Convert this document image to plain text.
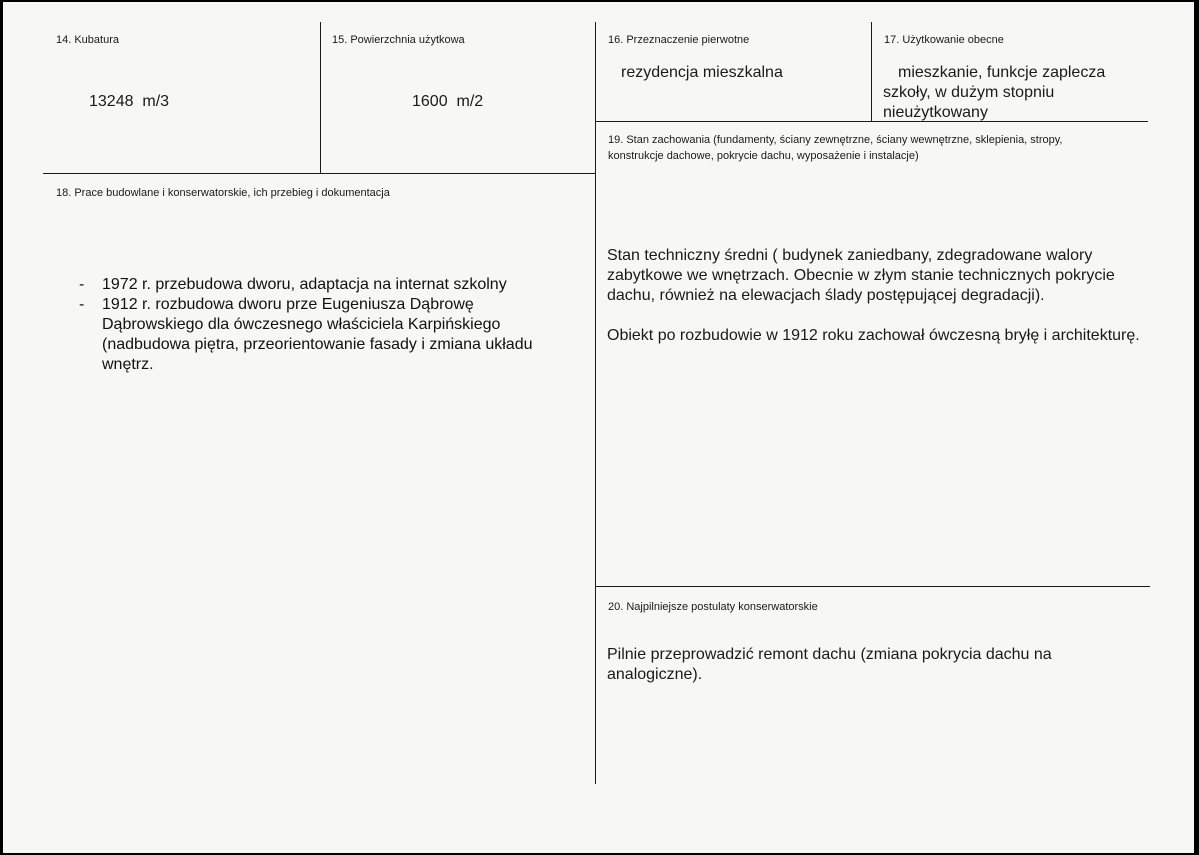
14. Kubatura
13248  m/3
15. Powierzchnia użytkowa
1600  m/2
16. Przeznaczenie pierwotne
rezydencja mieszkalna
17. Użytkowanie obecne
mieszkanie, funkcje zaplecza szkoły, w dużym stopniu nieużytkowany
18. Prace budowlane i konserwatorskie, ich przebieg i dokumentacja
- 1972 r. przebudowa dworu, adaptacja na internat szkolny
- 1912 r. rozbudowa dworu prze Eugeniusza Dąbrowę Dąbrowskiego dla ówczesnego właściciela Karpińskiego (nadbudowa piętra, przeorientowanie fasady i zmiana układu wnętrz.
19. Stan zachowania (fundamenty, ściany zewnętrzne, ściany wewnętrzne, sklepienia, stropy, konstrukcje dachowe, pokrycie dachu, wyposażenie i instalacje)

Stan techniczny średni ( budynek zaniedbany, zdegradowane walory zabytkowe we wnętrzach. Obecnie w złym stanie technicznych pokrycie dachu, również na elewacjach ślady postępującej degradacji).

Obiekt po rozbudowie w 1912 roku zachował ówczesną bryłę i architekturę.

20. Najpilniejsze postulaty konserwatorskie
Pilnie przeprowadzić remont dachu (zmiana pokrycia dachu na analogiczne).
